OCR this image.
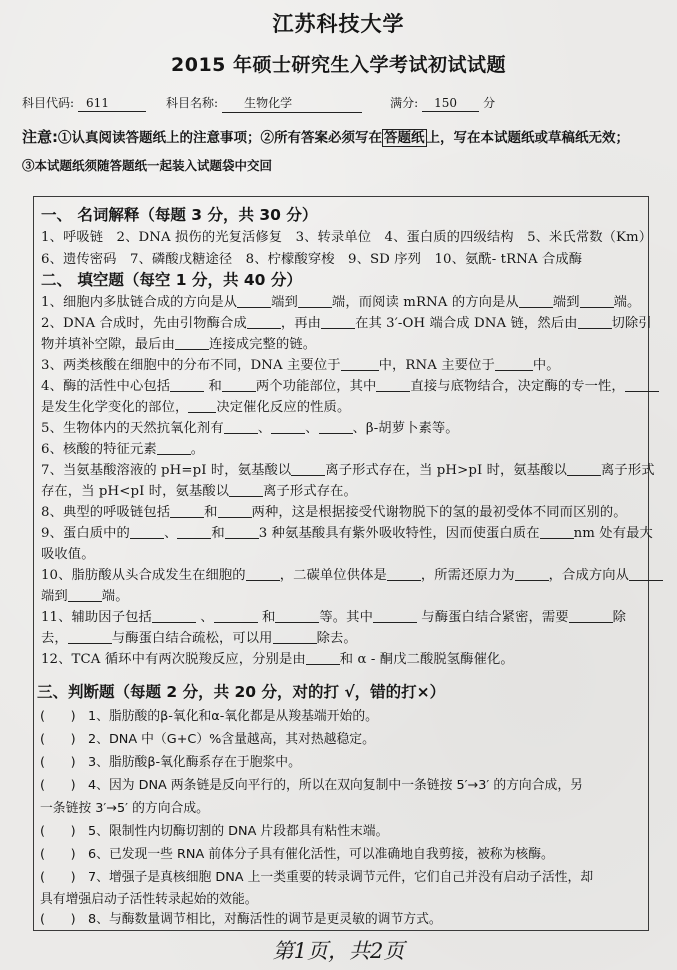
江苏科技大学
2015 年硕士研究生入学考试初试试题
科目代码: 611	科目名称: 生物化学	满分: 150 分
注意:①认真阅读答题纸上的注意事项；②所有答案必须写在 答题纸 上，写在本试题纸或草稿纸无效；
③本试题纸须随答题纸一起装入试题袋中交回
一、 名词解释（每题 3 分，共 30 分）
1、呼吸链　2、DNA 损伤的光复活修复　3、转录单位　4、蛋白质的四级结构　5、米氏常数（Km）
6、遗传密码　7、磷酸戊糖途径　8、柠檬酸穿梭　9、SD 序列　10、氨酰- tRNA 合成酶
二、 填空题（每空 1 分，共 40 分）
1、细胞内多肽链合成的方向是从	端到	端，而阅读 mRNA 的方向是从	端到	端。
2、DNA 合成时，先由引物酶合成	，再由	在其 3′-OH 端合成 DNA 链，然后由	切除引
物并填补空隙，最后由	连接成完整的链。
3、两类核酸在细胞中的分布不同，DNA 主要位于	中，RNA 主要位于	中。
4、酶的活性中心包括	和	两个功能部位，其中	直接与底物结合，决定酶的专一性，
是发生化学变化的部位， 决定催化反应的性质。
5、生物体内的天然抗氧化剂有	、	、	、β-胡萝卜素等。
6、核酸的特征元素	。
7、当氨基酸溶液的 pH=pI 时，氨基酸以	离子形式存在，当 pH>pI 时，氨基酸以	离子形式
存在，当 pH<pI 时，氨基酸以	离子形式存在。
8、典型的呼吸链包括	和	两种，这是根据接受代谢物脱下的氢的最初受体不同而区别的。
9、蛋白质中的	、	和	3 种氨基酸具有紫外吸收特性，因而使蛋白质在	nm 处有最大
吸收值。
10、脂肪酸从头合成发生在细胞的	，二碳单位供体是	，所需还原力为	，合成方向从
端到	端。
11、辅助因子包括	、	和	等。其中	与酶蛋白结合紧密，需要	除
去，	与酶蛋白结合疏松，可以用	除去。
12、TCA 循环中有两次脱羧反应，分别是由	和 α - 酮戊二酸脱氢酶催化。
三、判断题（每题 2 分，共 20 分，对的打 √，错的打×）
(  ) 1、脂肪酸的β-氧化和α-氧化都是从羧基端开始的。
(  ) 2、DNA 中（G+C）%含量越高，其对热越稳定。
(  ) 3、脂肪酸β-氧化酶系存在于胞浆中。
(  ) 4、因为 DNA 两条链是反向平行的，所以在双向复制中一条链按 5′→3′ 的方向合成，另
一条链按 3′→5′ 的方向合成。
(  ) 5、限制性内切酶切割的 DNA 片段都具有粘性末端。
(  ) 6、已发现一些 RNA 前体分子具有催化活性，可以准确地自我剪接，被称为核酶。
(  ) 7、增强子是真核细胞 DNA 上一类重要的转录调节元件，它们自己并没有启动子活性，却
具有增强启动子活性转录起始的效能。
(  ) 8、与酶数量调节相比，对酶活性的调节是更灵敏的调节方式。
第1页，共2页
